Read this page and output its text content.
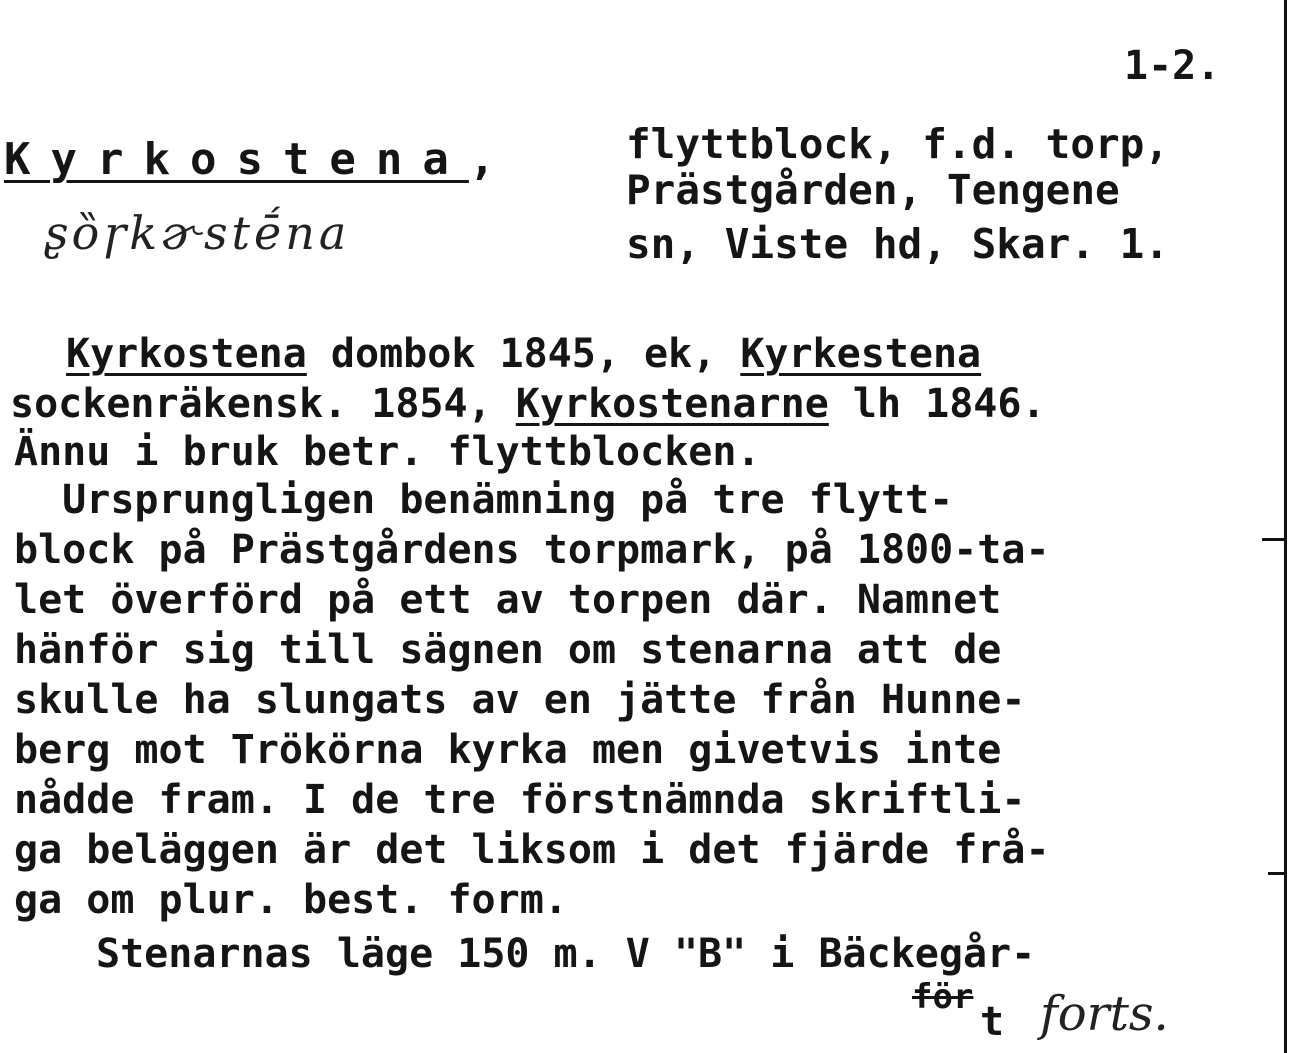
1-2.
Kyrkostena,
ʂȍɼkɚstḗna
flyttblock, f.d. torp,
Prästgården, Tengene
sn, Viste hd, Skar. 1.
Kyrkostena dombok 1845, ek, Kyrkestena
sockenräkensk. 1854, Kyrkostenarne lh 1846.
Ännu i bruk betr. flyttblocken.
Ursprungligen benämning på tre flytt-
block på Prästgårdens torpmark, på 1800-ta-
let överförd på ett av torpen där. Namnet
hänför sig till sägnen om stenarna att de
skulle ha slungats av en jätte från Hunne-
berg mot Trökörna kyrka men givetvis inte
nådde fram. I de tre förstnämnda skriftli-
ga beläggen är det liksom i det fjärde frå-
ga om plur. best. form.
Stenarnas läge 150 m. V "B" i Bäckegår-
för
t forts.
